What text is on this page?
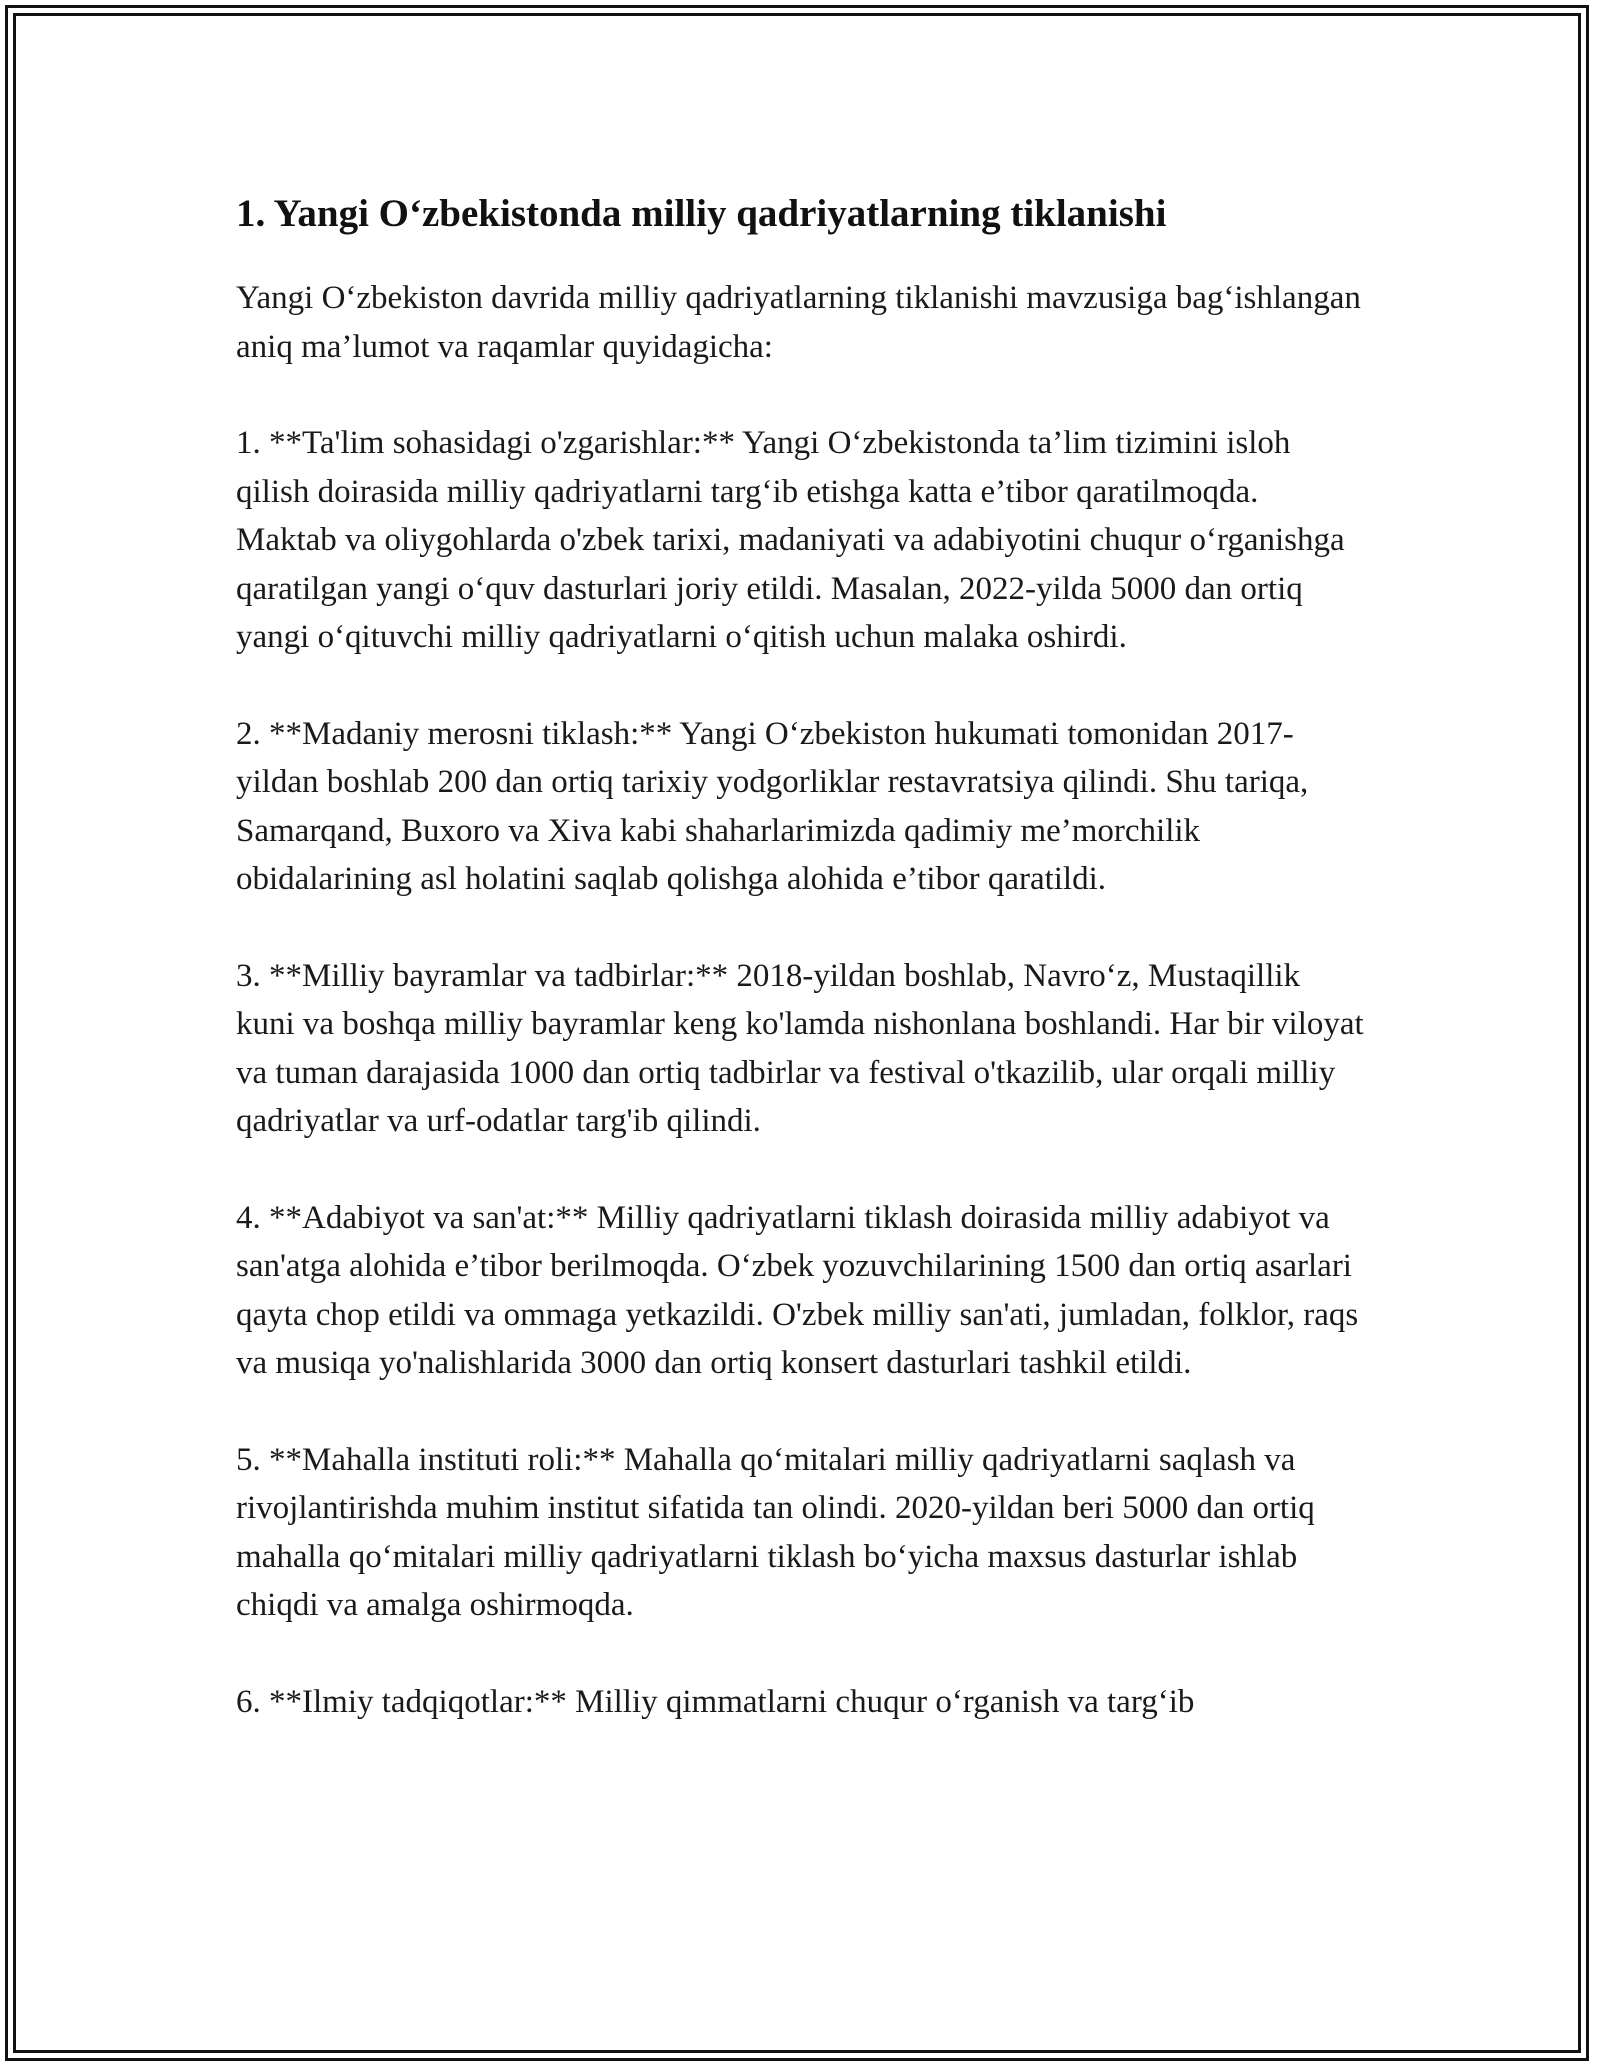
1. Yangi O‘zbekistonda milliy qadriyatlarning tiklanishi

Yangi O‘zbekiston davrida milliy qadriyatlarning tiklanishi mavzusiga bag‘ishlangan aniq ma’lumot va raqamlar quyidagicha:

1. **Ta'lim sohasidagi o'zgarishlar:** Yangi O‘zbekistonda ta’lim tizimini isloh qilish doirasida milliy qadriyatlarni targ‘ib etishga katta e’tibor qaratilmoqda. Maktab va oliygohlarda o'zbek tarixi, madaniyati va adabiyotini chuqur o‘rganishga qaratilgan yangi o‘quv dasturlari joriy etildi. Masalan, 2022-yilda 5000 dan ortiq yangi o‘qituvchi milliy qadriyatlarni o‘qitish uchun malaka oshirdi.

2. **Madaniy merosni tiklash:** Yangi O‘zbekiston hukumati tomonidan 2017-yildan boshlab 200 dan ortiq tarixiy yodgorliklar restavratsiya qilindi. Shu tariqa, Samarqand, Buxoro va Xiva kabi shaharlarimizda qadimiy me’morchilik obidalarining asl holatini saqlab qolishga alohida e’tibor qaratildi.

3. **Milliy bayramlar va tadbirlar:** 2018-yildan boshlab, Navro‘z, Mustaqillik kuni va boshqa milliy bayramlar keng ko'lamda nishonlana boshlandi. Har bir viloyat va tuman darajasida 1000 dan ortiq tadbirlar va festival o'tkazilib, ular orqali milliy qadriyatlar va urf-odatlar targ'ib qilindi.

4. **Adabiyot va san'at:** Milliy qadriyatlarni tiklash doirasida milliy adabiyot va san'atga alohida e’tibor berilmoqda. O‘zbek yozuvchilarining 1500 dan ortiq asarlari qayta chop etildi va ommaga yetkazildi. O'zbek milliy san'ati, jumladan, folklor, raqs va musiqa yo'nalishlarida 3000 dan ortiq konsert dasturlari tashkil etildi.

5. **Mahalla instituti roli:** Mahalla qo‘mitalari milliy qadriyatlarni saqlash va rivojlantirishda muhim institut sifatida tan olindi. 2020-yildan beri 5000 dan ortiq mahalla qo‘mitalari milliy qadriyatlarni tiklash bo‘yicha maxsus dasturlar ishlab chiqdi va amalga oshirmoqda.

6. **Ilmiy tadqiqotlar:** Milliy qimmatlarni chuqur o‘rganish va targ‘ib
